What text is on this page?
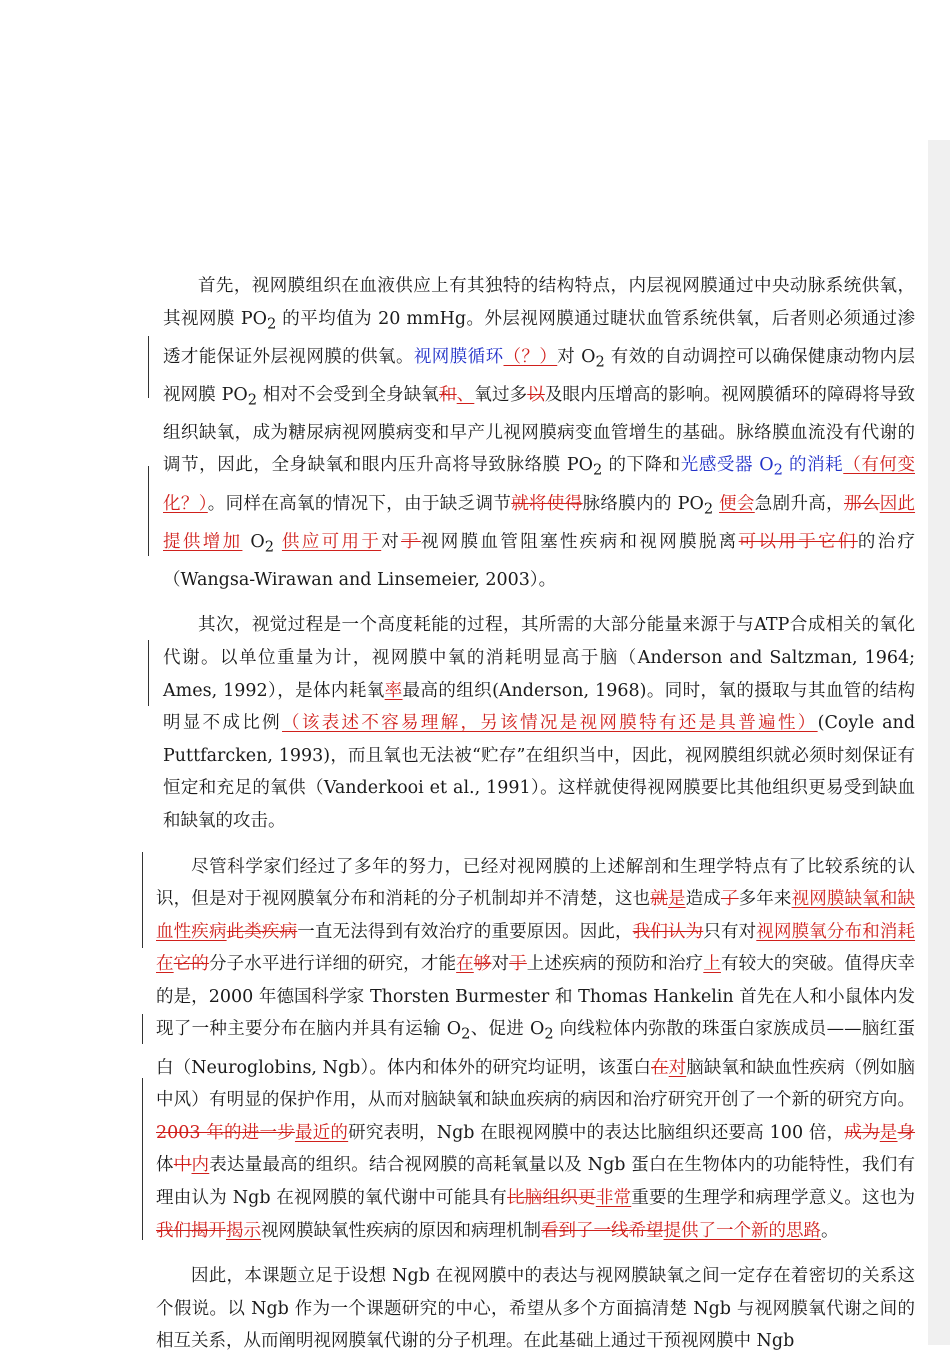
首先，视网膜组织在血液供应上有其独特的结构特点，内层视网膜通过中央动脉系统供氧，其视网膜 $PO_2$ 的平均值为 20 mmHg。外层视网膜通过睫状血管系统供氧，后者则必须通过渗透才能保证外层视网膜的供氧。视网膜循环（？）对 $O_2$ 有效的自动调控可以确保健康动物内层视网膜 $PO_2$ 相对不会受到全身缺氧和、氧过多以及眼内压增高的影响。视网膜循环的障碍将导致组织缺氧，成为糖尿病视网膜病变和早产儿视网膜病变血管增生的基础。脉络膜血流没有代谢的调节，因此，全身缺氧和眼内压升高将导致脉络膜 $PO_2$ 的下降和光感受器 $O_2$ 的消耗（有何变化？）。同样在高氧的情况下，由于缺乏调节就将使得脉络膜内的 $PO_2$ 便会急剧升高，那么因此提供增加 $O_2$ 供应可用于对于视网膜血管阻塞性疾病和视网膜脱离可以用于它们的治疗（Wangsa-Wirawan and Linsemeier, 2003）。

其次，视觉过程是一个高度耗能的过程，其所需的大部分能量来源于与ATP合成相关的氧化代谢。以单位重量为计，视网膜中氧的消耗明显高于脑（Anderson and Saltzman, 1964; Ames, 1992），是体内耗氧率最高的组织(Anderson, 1968)。同时，氧的摄取与其血管的结构明显不成比例（该表述不容易理解，另该情况是视网膜特有还是具普遍性）(Coyle and Puttfarcken, 1993)，而且氧也无法被“贮存”在组织当中，因此，视网膜组织就必须时刻保证有恒定和充足的氧供（Vanderkooi et al., 1991）。这样就使得视网膜要比其他组织更易受到缺血和缺氧的攻击。

尽管科学家们经过了多年的努力，已经对视网膜的上述解剖和生理学特点有了比较系统的认识，但是对于视网膜氧分布和消耗的分子机制却并不清楚，这也就是造成了多年来视网膜缺氧和缺血性疾病此类疾病一直无法得到有效治疗的重要原因。因此，我们认为只有对视网膜氧分布和消耗在它的分子水平进行详细的研究，才能在够对于上述疾病的预防和治疗上有较大的突破。值得庆幸的是，2000 年德国科学家 Thorsten Burmester 和 Thomas Hankelin 首先在人和小鼠体内发现了一种主要分布在脑内并具有运输 $O_2$、促进 $O_2$ 向线粒体内弥散的珠蛋白家族成员——脑红蛋白（Neuroglobins, Ngb）。体内和体外的研究均证明，该蛋白在对脑缺氧和缺血性疾病（例如脑中风）有明显的保护作用，从而对脑缺氧和缺血疾病的病因和治疗研究开创了一个新的研究方向。2003 年的进一步最近的研究表明，Ngb 在眼视网膜中的表达比脑组织还要高 100 倍，成为是身体中内表达量最高的组织。结合视网膜的高耗氧量以及 Ngb 蛋白在生物体内的功能特性，我们有理由认为 Ngb 在视网膜的氧代谢中可能具有比脑组织更非常重要的生理学和病理学意义。这也为我们揭开揭示视网膜缺氧性疾病的原因和病理机制看到了一线希望提供了一个新的思路。

因此，本课题立足于设想 Ngb 在视网膜中的表达与视网膜缺氧之间一定存在着密切的关系这个假说。以 Ngb 作为一个课题研究的中心，希望从多个方面搞清楚 Ngb 与视网膜氧代谢之间的相互关系，从而阐明视网膜氧代谢的分子机理。在此基础上通过干预视网膜中 Ngb
